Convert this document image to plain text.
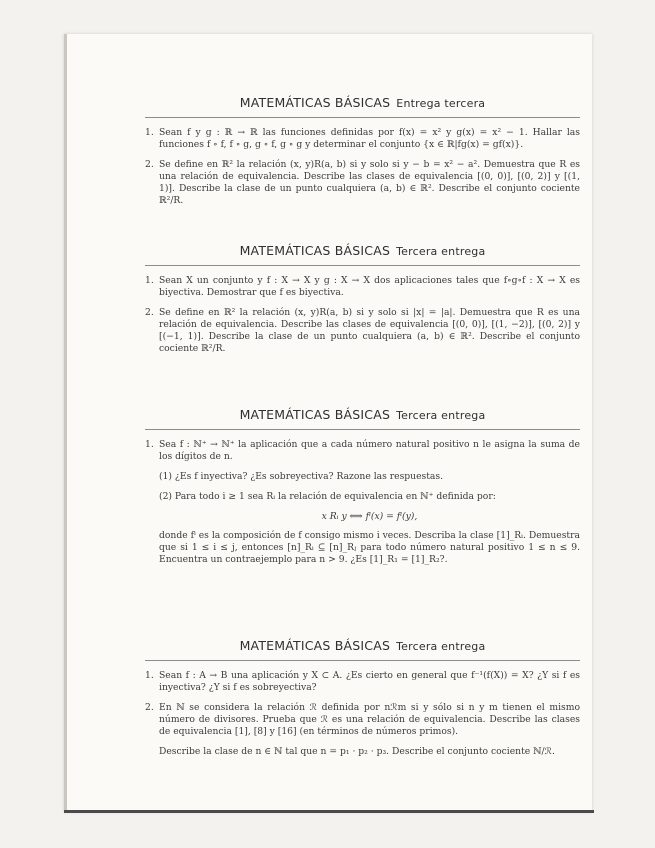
MATEMÁTICAS BÁSICAS Entrega tercera

1. Sean f y g : ℝ → ℝ las funciones definidas por f(x) = x² y g(x) = x² − 1. Hallar las funciones f ∘ f, f ∘ g, g ∘ f, g ∘ g y determinar el conjunto {x ∈ ℝ|fg(x) = gf(x)}.
2. Se define en ℝ² la relación (x, y)R(a, b) si y solo si y − b = x² − a². Demuestra que R es una relación de equivalencia. Describe las clases de equivalencia [(0, 0)], [(0, 2)] y [(1, 1)]. Describe la clase de un punto cualquiera (a, b) ∈ ℝ². Describe el conjunto cociente ℝ²/R.

MATEMÁTICAS BÁSICAS Tercera entrega

1. Sean X un conjunto y f : X → X y g : X → X dos aplicaciones tales que f∘g∘f : X → X es biyectiva. Demostrar que f es biyectiva.
2. Se define en ℝ² la relación (x, y)R(a, b) si y solo si |x| = |a|. Demuestra que R es una relación de equivalencia. Describe las clases de equivalencia [(0, 0)], [(1, −2)], [(0, 2)] y [(−1, 1)]. Describe la clase de un punto cualquiera (a, b) ∈ ℝ². Describe el conjunto cociente ℝ²/R.

MATEMÁTICAS BÁSICAS Tercera entrega

1. Sea f : ℕ⁺ → ℕ⁺ la aplicación que a cada número natural positivo n le asigna la suma de los dígitos de n.
(1) ¿Es f inyectiva? ¿Es sobreyectiva? Razone las respuestas.
(2) Para todo i ≥ 1 sea Rᵢ la relación de equivalencia en ℕ⁺ definida por:
x Rᵢ y ⟺ fⁱ(x) = fⁱ(y),
donde fⁱ es la composición de f consigo mismo i veces. Describa la clase [1]_Rᵢ. Demuestra que si 1 ≤ i ≤ j, entonces [n]_Rᵢ ⊆ [n]_Rⱼ para todo número natural positivo 1 ≤ n ≤ 9. Encuentra un contraejemplo para n > 9. ¿Es [1]_R₁ = [1]_R₂?.

MATEMÁTICAS BÁSICAS Tercera entrega

1. Sean f : A → B una aplicación y X ⊂ A. ¿Es cierto en general que f⁻¹(f(X)) = X? ¿Y si f es inyectiva? ¿Y si f es sobreyectiva?
2. En ℕ se considera la relación ℛ definida por nℛm si y sólo si n y m tienen el mismo número de divisores. Prueba que ℛ es una relación de equivalencia. Describe las clases de equivalencia [1], [8] y [16] (en términos de números primos).
Describe la clase de n ∈ ℕ tal que n = p₁ · p₂ · p₃. Describe el conjunto cociente ℕ/ℛ.
